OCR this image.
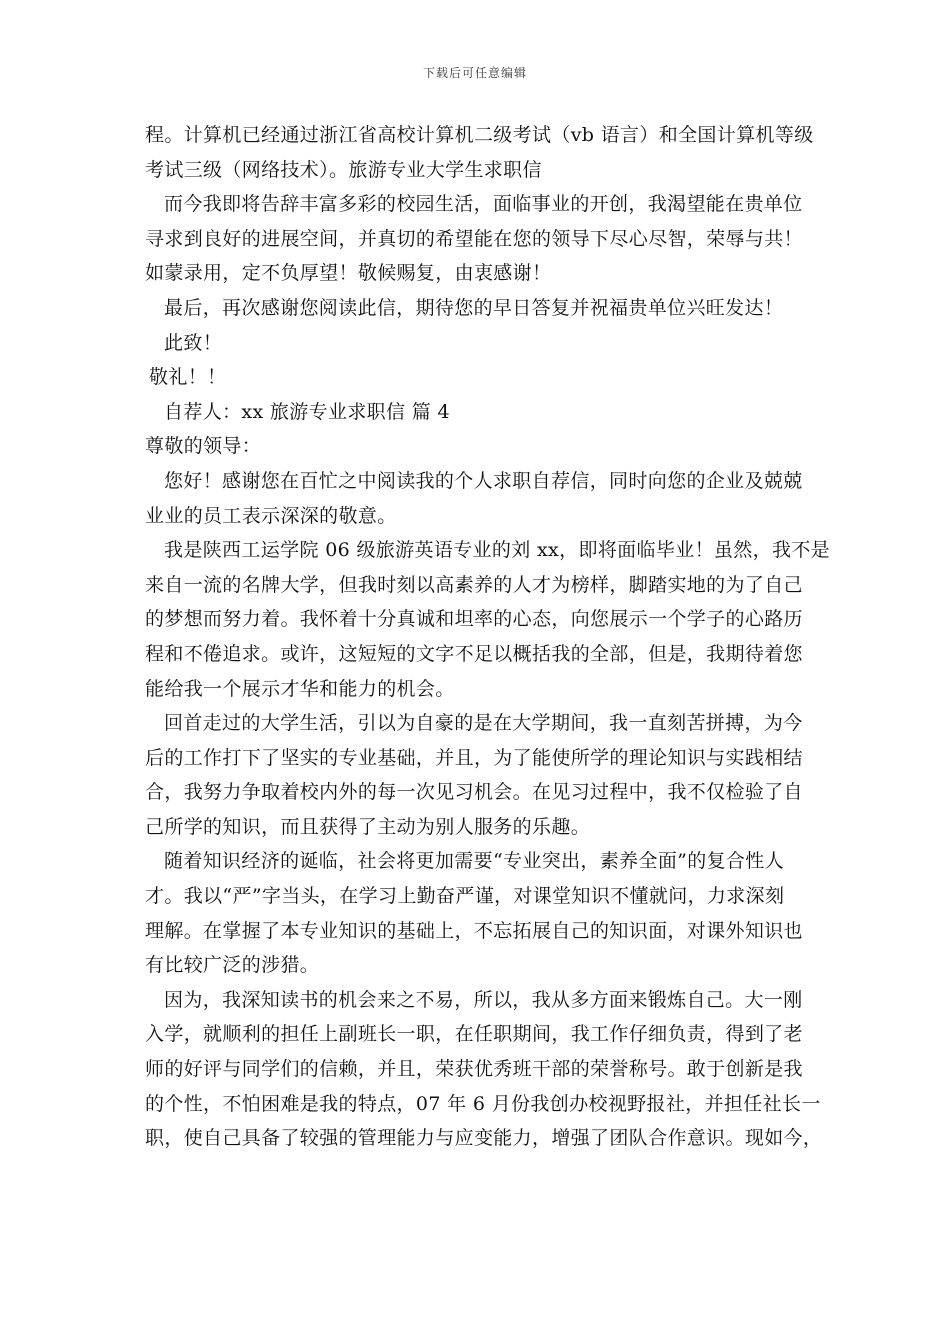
下载后可任意编辑
程。计算机已经通过浙江省高校计算机二级考试（vb 语言）和全国计算机等级
考试三级（网络技术）。旅游专业大学生求职信
而今我即将告辞丰富多彩的校园生活，面临事业的开创，我渴望能在贵单位
寻求到良好的进展空间，并真切的希望能在您的领导下尽心尽智，荣辱与共！
如蒙录用，定不负厚望！敬候赐复，由衷感谢！
最后，再次感谢您阅读此信，期待您的早日答复并祝福贵单位兴旺发达！
此致！
敬礼！！
自荐人：xx 旅游专业求职信 篇 4
尊敬的领导：
您好！感谢您在百忙之中阅读我的个人求职自荐信，同时向您的企业及兢兢
业业的员工表示深深的敬意。
我是陕西工运学院 06 级旅游英语专业的刘 xx，即将面临毕业！虽然，我不是
来自一流的名牌大学，但我时刻以高素养的人才为榜样，脚踏实地的为了自己
的梦想而努力着。我怀着十分真诚和坦率的心态，向您展示一个学子的心路历
程和不倦追求。或许，这短短的文字不足以概括我的全部，但是，我期待着您
能给我一个展示才华和能力的机会。
回首走过的大学生活，引以为自豪的是在大学期间，我一直刻苦拼搏，为今
后的工作打下了坚实的专业基础，并且，为了能使所学的理论知识与实践相结
合，我努力争取着校内外的每一次见习机会。在见习过程中，我不仅检验了自
己所学的知识，而且获得了主动为别人服务的乐趣。
随着知识经济的诞临，社会将更加需要“专业突出，素养全面”的复合性人
才。我以“严”字当头，在学习上勤奋严谨，对课堂知识不懂就问，力求深刻
理解。在掌握了本专业知识的基础上，不忘拓展自己的知识面，对课外知识也
有比较广泛的涉猎。
因为，我深知读书的机会来之不易，所以，我从多方面来锻炼自己。大一刚
入学，就顺利的担任上副班长一职，在任职期间，我工作仔细负责，得到了老
师的好评与同学们的信赖，并且，荣获优秀班干部的荣誉称号。敢于创新是我
的个性，不怕困难是我的特点，07 年 6 月份我创办校视野报社，并担任社长一
职，使自己具备了较强的管理能力与应变能力，增强了团队合作意识。现如今，
